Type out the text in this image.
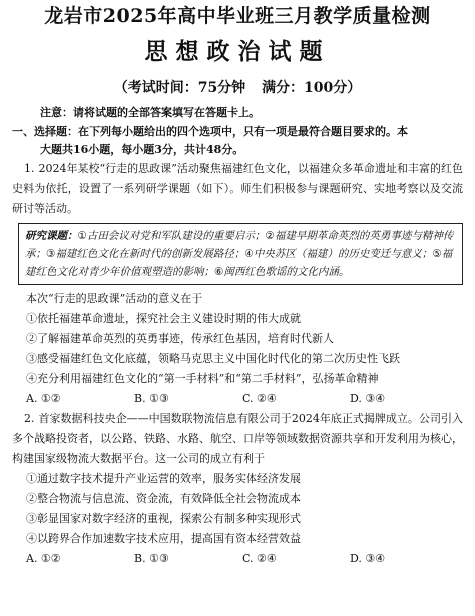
龙岩市2025年高中毕业班三月教学质量检测
思想政治试题
（考试时间：75分钟 满分：100分）
注意：请将试题的全部答案填写在答题卡上。
一、选择题：在下列每小题给出的四个选项中，只有一项是最符合题目要求的。本
大题共16小题，每小题3分，共计48分。
1. 2024年某校“行走的思政课”活动聚焦福建红色文化，以福建众多革命遗址和丰富的红色史料为依托，设置了一系列研学课题（如下）。师生们积极参与课题研究、实地考察以及交流研讨等活动。
研究课题：①古田会议对党和军队建设的重要启示；②福建早期革命英烈的英勇事迹与精神传承；③福建红色文化在新时代的创新发展路径；④中央苏区（福建）的历史变迁与意义；⑤福建红色文化对青少年价值观塑造的影响；⑥闽西红色歌谣的文化内涵。
本次“行走的思政课”活动的意义在于
①依托福建革命遗址，探究社会主义建设时期的伟大成就
②了解福建革命英烈的英勇事迹，传承红色基因，培育时代新人
③感受福建红色文化底蕴，领略马克思主义中国化时代化的第二次历史性飞跃
④充分利用福建红色文化的“第一手材料”和“第二手材料”，弘扬革命精神
A. ①②	B. ①③	C. ②④	D. ③④
2. 首家数据科技央企——中国数联物流信息有限公司于2024年底正式揭牌成立。公司引入多个战略投资者，以公路、铁路、水路、航空、口岸等领域数据资源共享和开发利用为核心，构建国家级物流大数据平台。这一公司的成立有利于
①通过数字技术提升产业运营的效率，服务实体经济发展
②整合物流与信息流、资金流，有效降低全社会物流成本
③彰显国家对数字经济的重视，探索公有制多种实现形式
④以跨界合作加速数字技术应用，提高国有资本经营效益
A. ①②	B. ①③	C. ②④	D. ③④
